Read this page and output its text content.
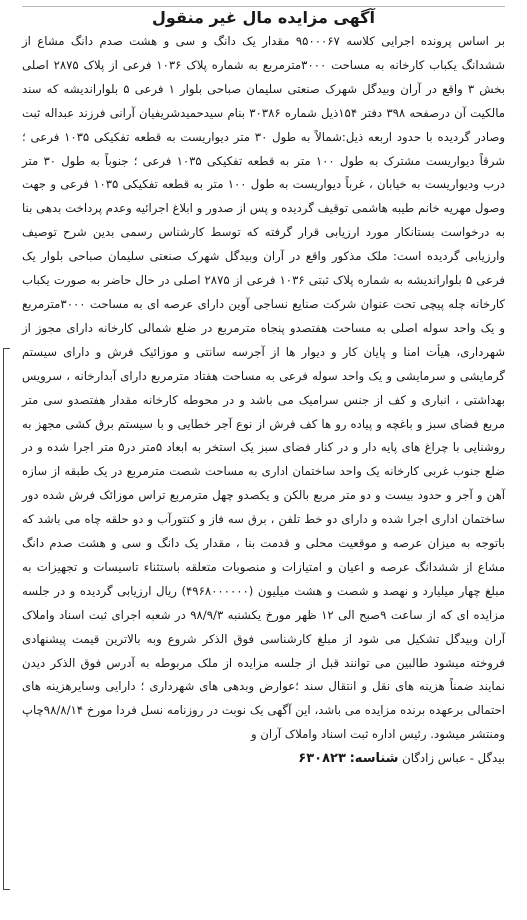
آگهی مزایده مال غیر منقول

بر اساس پرونده اجرایی کلاسه ۹۵۰۰۰۶۷ مقدار یک دانگ و سی و هشت صدم دانگ مشاع از ششدانگ یکباب کارخانه به مساحت ۳۰۰۰مترمربع به شماره پلاک ۱۰۳۶ فرعی از پلاک ۲۸۷۵ اصلی بخش ۳ واقع در آران وبیدگل شهرک صنعتی سلیمان صباحی بلوار ۱ فرعی ۵ بلواراندیشه که سند مالکیت آن درصفحه ۳۹۸ دفتر ۱۵۴ذیل شماره ۳۰۳۸۶ بنام سیدحمیدشریفیان آرانی فرزند عبداله ثبت وصادر گردیده با حدود اربعه ذیل:شمالاً به طول ۳۰ متر دیواریست به قطعه تفکیکی ۱۰۳۵ فرعی ؛ شرقاً دیواریست مشترک به طول ۱۰۰ متر به قطعه تفکیکی ۱۰۳۵ فرعی ؛ جنوباً به طول ۳۰ متر درب ودیواریست به خیابان ، غرباً دیواریست به طول ۱۰۰ متر به قطعه تفکیکی ۱۰۳۵ فرعی و جهت وصول مهریه خانم طیبه هاشمی توقیف گردیده و پس از صدور و ابلاغ اجرائیه وعدم پرداخت بدهی بنا به درخواست بستانکار مورد ارزیابی قرار گرفته که توسط کارشناس رسمی بدین شرح توصیف وارزیابی گردیده است: ملک مذکور واقع در آران وبیدگل شهرک صنعتی سلیمان صباحی بلوار یک فرعی ۵ بلواراندیشه به شماره پلاک ثبتی ۱۰۳۶ فرعی از ۲۸۷۵ اصلی در حال حاضر به صورت یکباب کارخانه چله پیچی تحت عنوان شرکت صنایع نساجی آوین دارای عرصه ای به مساحت ۳۰۰۰مترمربع و یک واحد سوله اصلی به مساحت هفتصدو پنجاه مترمربع در ضلع شمالی کارخانه دارای مجوز از شهرداری، هیأت امنا و پایان کار و دیوار ها از آجرسه سانتی و موزائیک فرش و دارای سیستم گرمایشی و سرمایشی و یک واحد سوله فرعی به مساحت هفتاد مترمربع دارای آبدارخانه ، سرویس بهداشتی ، انباری و کف از جنس سرامیک می باشد و در محوطه کارخانه مقدار هفتصدو سی متر مربع فضای سبز و باغچه و پیاده رو ها کف فرش از نوع آجر خطایی و با سیستم برق کشی مجهز به روشنایی با چراغ های پایه دار و در کنار فضای سبز یک استخر به ابعاد ۵متر در۵ متر اجرا شده و در ضلع جنوب غربی کارخانه یک واحد ساختمان اداری به مساحت شصت مترمربع در یک طبقه از سازه آهن و آجر و حدود بیست و دو متر مربع بالکن و یکصدو چهل مترمربع تراس موزائک فرش شده دور ساختمان اداری اجرا شده و دارای دو خط تلفن ، برق سه فاز و کنتورآب و دو حلقه چاه می باشد که باتوجه به میزان عرصه و موقعیت محلی و قدمت بنا ، مقدار یک دانگ و سی و هشت صدم دانگ مشاع از ششدانگ عرصه و اعیان و امتیازات و منصوبات متعلقه باستثناء تاسیسات و تجهیزات به مبلغ چهار میلیارد و نهصد و شصت و هشت میلیون (۴۹۶۸۰۰۰۰۰۰) ریال ارزیابی گردیده و در جلسه مزایده ای که از ساعت ۹صبح الی ۱۲ ظهر مورخ یکشنبه ۹۸/۹/۳ در شعبه اجرای ثبت اسناد واملاک آران وبیدگل تشکیل می شود از مبلغ کارشناسی فوق الذکر شروع وبه بالاترین قیمت پیشنهادی فروخته میشود طالبین می توانند قبل از جلسه مزایده از ملک مربوطه به آدرس فوق الذکر دیدن نمایند ضمناً هزینه های نقل و انتقال سند ؛عوارض وبدهی های شهرداری ؛ دارایی وسایرهزینه های احتمالی برعهده برنده مزایده می باشد، این آگهی یک نوبت در روزنامه نسل فردا مورخ ۹۸/۸/۱۴چاپ ومنتشر میشود. رئیس اداره ثبت اسناد واملاک آران و

بیدگل - عباس زادگان شناسه: ۶۳۰۸۲۳
